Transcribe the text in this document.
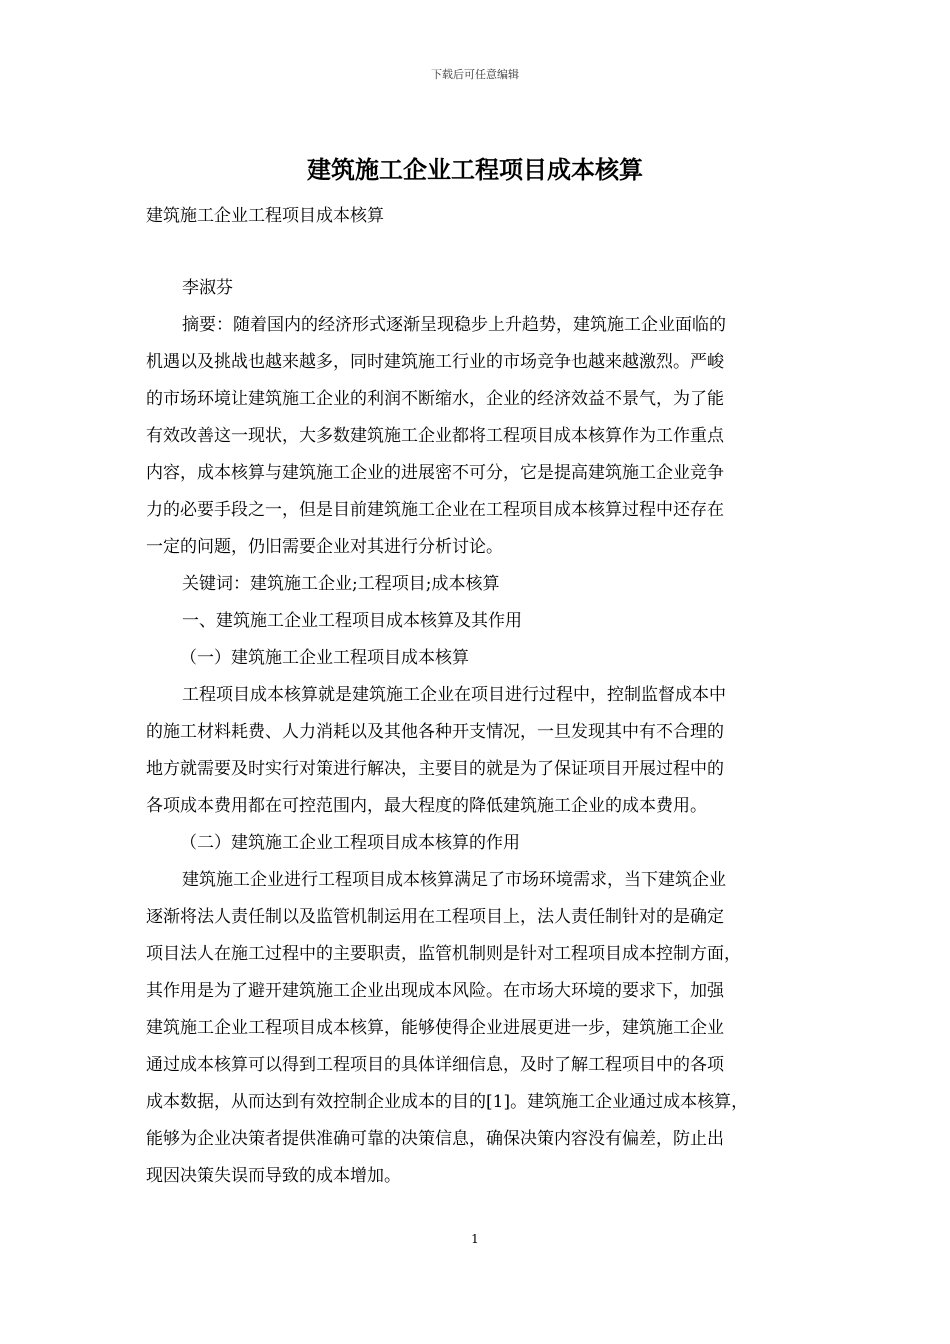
下载后可任意编辑
建筑施工企业工程项目成本核算

建筑施工企业工程项目成本核算

李淑芬
摘要：随着国内的经济形式逐渐呈现稳步上升趋势，建筑施工企业面临的
机遇以及挑战也越来越多，同时建筑施工行业的市场竞争也越来越激烈。严峻
的市场环境让建筑施工企业的利润不断缩水，企业的经济效益不景气，为了能
有效改善这一现状，大多数建筑施工企业都将工程项目成本核算作为工作重点
内容，成本核算与建筑施工企业的进展密不可分，它是提高建筑施工企业竞争
力的必要手段之一，但是目前建筑施工企业在工程项目成本核算过程中还存在
一定的问题，仍旧需要企业对其进行分析讨论。
关键词：建筑施工企业;工程项目;成本核算
一、建筑施工企业工程项目成本核算及其作用
（一）建筑施工企业工程项目成本核算
工程项目成本核算就是建筑施工企业在项目进行过程中，控制监督成本中
的施工材料耗费、人力消耗以及其他各种开支情况，一旦发现其中有不合理的
地方就需要及时实行对策进行解决，主要目的就是为了保证项目开展过程中的
各项成本费用都在可控范围内，最大程度的降低建筑施工企业的成本费用。
（二）建筑施工企业工程项目成本核算的作用
建筑施工企业进行工程项目成本核算满足了市场环境需求，当下建筑企业
逐渐将法人责任制以及监管机制运用在工程项目上，法人责任制针对的是确定
项目法人在施工过程中的主要职责，监管机制则是针对工程项目成本控制方面，
其作用是为了避开建筑施工企业出现成本风险。在市场大环境的要求下，加强
建筑施工企业工程项目成本核算，能够使得企业进展更进一步，建筑施工企业
通过成本核算可以得到工程项目的具体详细信息，及时了解工程项目中的各项
成本数据，从而达到有效控制企业成本的目的[1]。建筑施工企业通过成本核算，
能够为企业决策者提供准确可靠的决策信息，确保决策内容没有偏差，防止出
现因决策失误而导致的成本增加。
1
